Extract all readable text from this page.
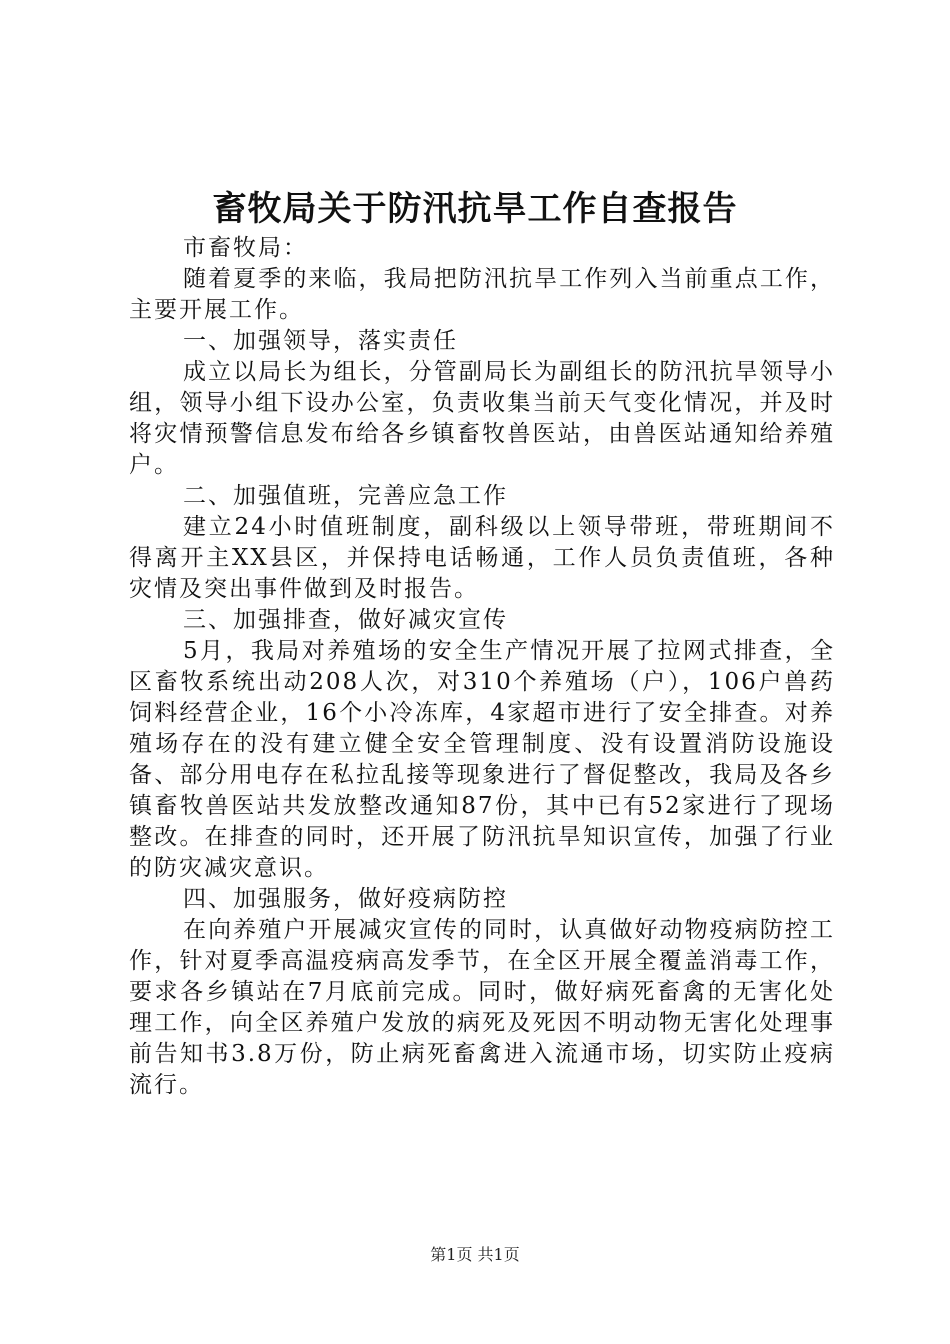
畜牧局关于防汛抗旱工作自查报告

市畜牧局：

随着夏季的来临，我局把防汛抗旱工作列入当前重点工作，主要开展工作。

一、加强领导，落实责任

成立以局长为组长，分管副局长为副组长的防汛抗旱领导小组，领导小组下设办公室，负责收集当前天气变化情况，并及时将灾情预警信息发布给各乡镇畜牧兽医站，由兽医站通知给养殖户。

二、加强值班，完善应急工作

建立24小时值班制度，副科级以上领导带班，带班期间不得离开主XX县区，并保持电话畅通，工作人员负责值班，各种灾情及突出事件做到及时报告。

三、加强排查，做好减灾宣传

5月，我局对养殖场的安全生产情况开展了拉网式排查，全区畜牧系统出动208人次，对310个养殖场（户），106户兽药饲料经营企业，16个小冷冻库，4家超市进行了安全排查。对养殖场存在的没有建立健全安全管理制度、没有设置消防设施设备、部分用电存在私拉乱接等现象进行了督促整改，我局及各乡镇畜牧兽医站共发放整改通知87份，其中已有52家进行了现场整改。在排查的同时，还开展了防汛抗旱知识宣传，加强了行业的防灾减灾意识。

四、加强服务，做好疫病防控

在向养殖户开展减灾宣传的同时，认真做好动物疫病防控工作，针对夏季高温疫病高发季节，在全区开展全覆盖消毒工作，要求各乡镇站在7月底前完成。同时，做好病死畜禽的无害化处理工作，向全区养殖户发放的病死及死因不明动物无害化处理事前告知书3.8万份，防止病死畜禽进入流通市场，切实防止疫病流行。

第1页 共1页
